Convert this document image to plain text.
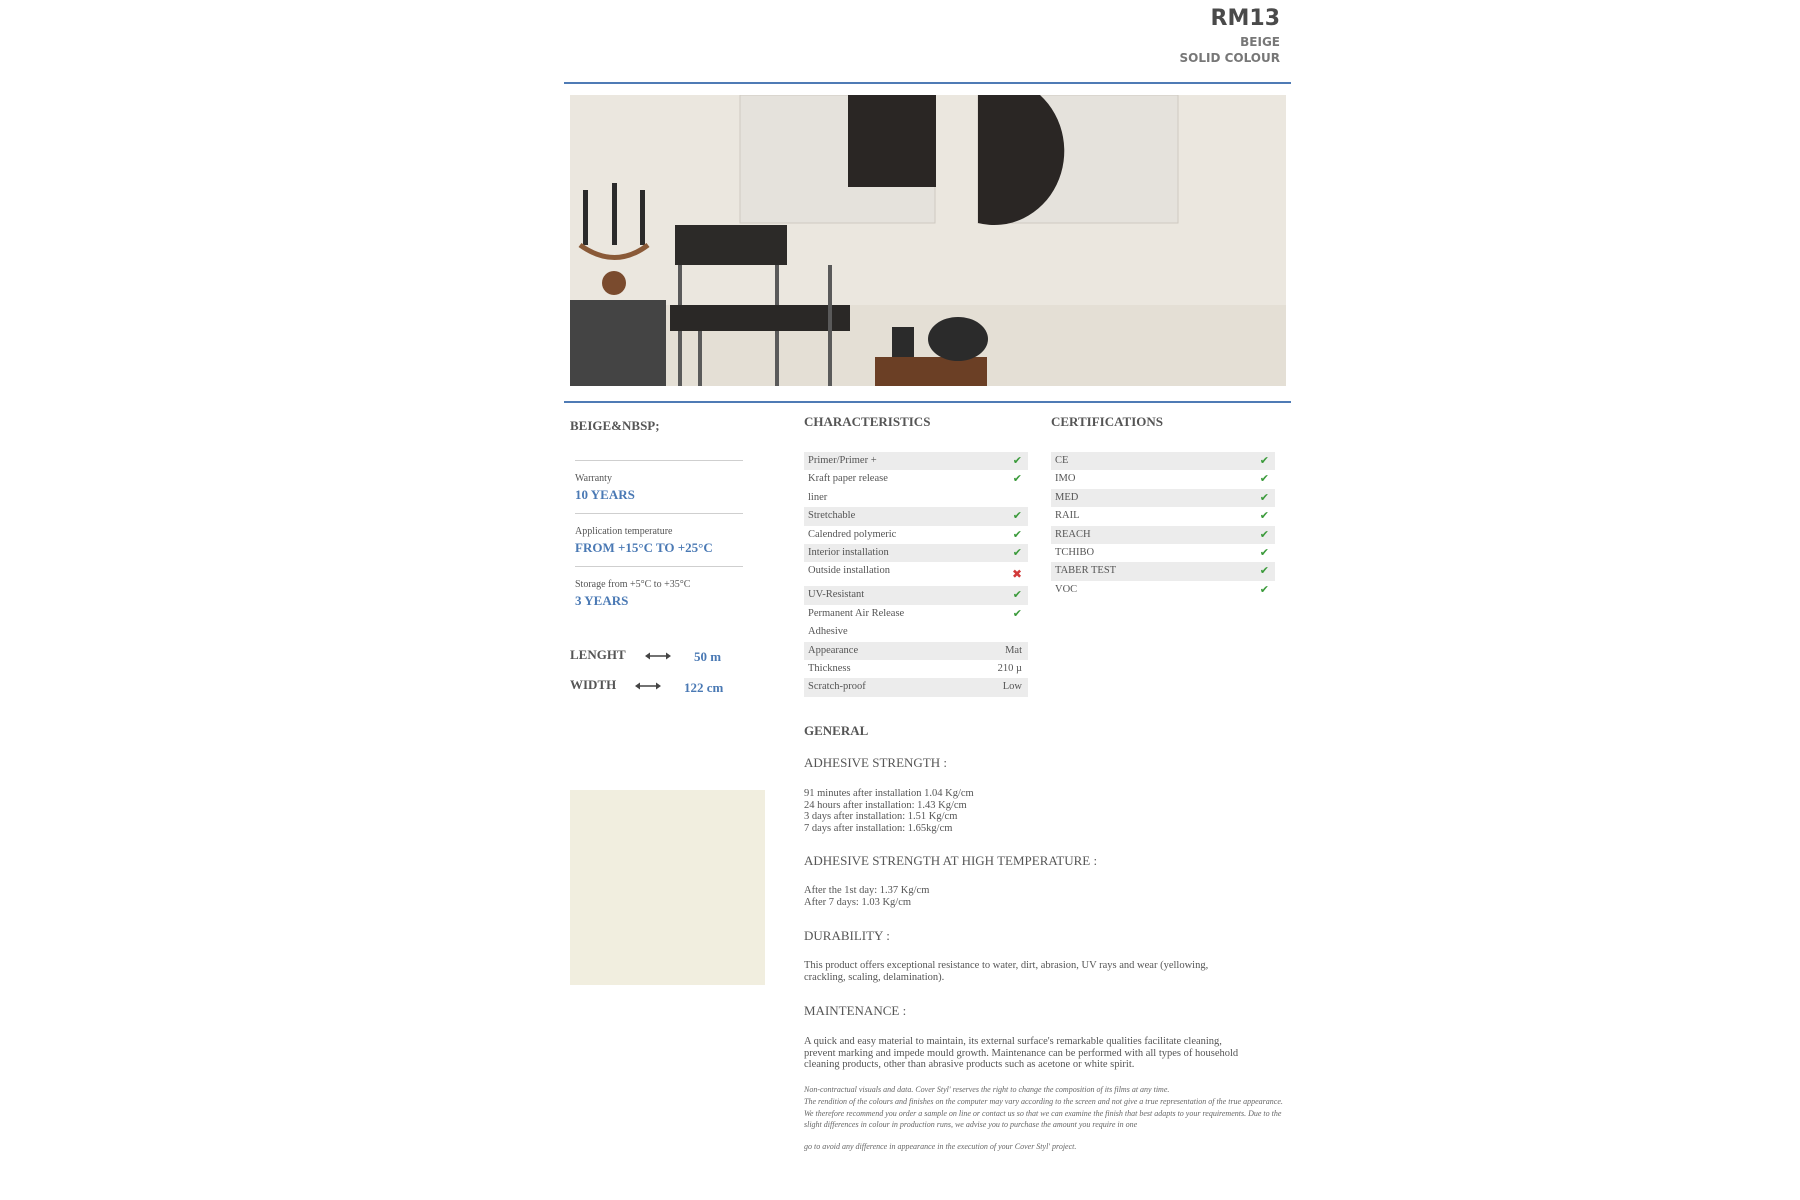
RM13
BEIGE
SOLID COLOUR
BEIGE&NBSP;
Warranty
10 YEARS
Application temperature
FROM +15°C TO +25°C
Storage from +5°C to +35°C
3 YEARS
LENGHT	50 m
WIDTH	122 cm
CHARACTERISTICS
Primer/Primer +	✔
Kraft paper release	✔
liner
Stretchable	✔
Calendred polymeric	✔
Interior installation	✔
Outside installation	✖
UV-Resistant	✔
Permanent Air Release	✔
Adhesive
Appearance	Mat
Thickness	210 µ
Scratch-proof	Low
CERTIFICATIONS
CE	✔
IMO	✔
MED	✔
RAIL	✔
REACH	✔
TCHIBO	✔
TABER TEST	✔
VOC	✔
GENERAL
ADHESIVE STRENGTH :
91 minutes after installation 1.04 Kg/cm
24 hours after installation: 1.43 Kg/cm
3 days after installation: 1.51 Kg/cm
7 days after installation: 1.65kg/cm
ADHESIVE STRENGTH AT HIGH TEMPERATURE :
After the 1st day: 1.37 Kg/cm
After 7 days: 1.03 Kg/cm
DURABILITY :
This product offers exceptional resistance to water, dirt, abrasion, UV rays and wear (yellowing,
crackling, scaling, delamination).
MAINTENANCE :
A quick and easy material to maintain, its external surface's remarkable qualities facilitate cleaning,
prevent marking and impede mould growth. Maintenance can be performed with all types of household
cleaning products, other than abrasive products such as acetone or white spirit.
Non-contractual visuals and data. Cover Styl' reserves the right to change the composition of its films at any time.
The rendition of the colours and finishes on the computer may vary according to the screen and not give a true representation of the true appearance. We therefore recommend you order a sample on line or contact us so that we can examine the finish that best adapts to your requirements. Due to the slight differences in colour in production runs, we advise you to purchase the amount you require in one
go to avoid any difference in appearance in the execution of your Cover Styl' project.
